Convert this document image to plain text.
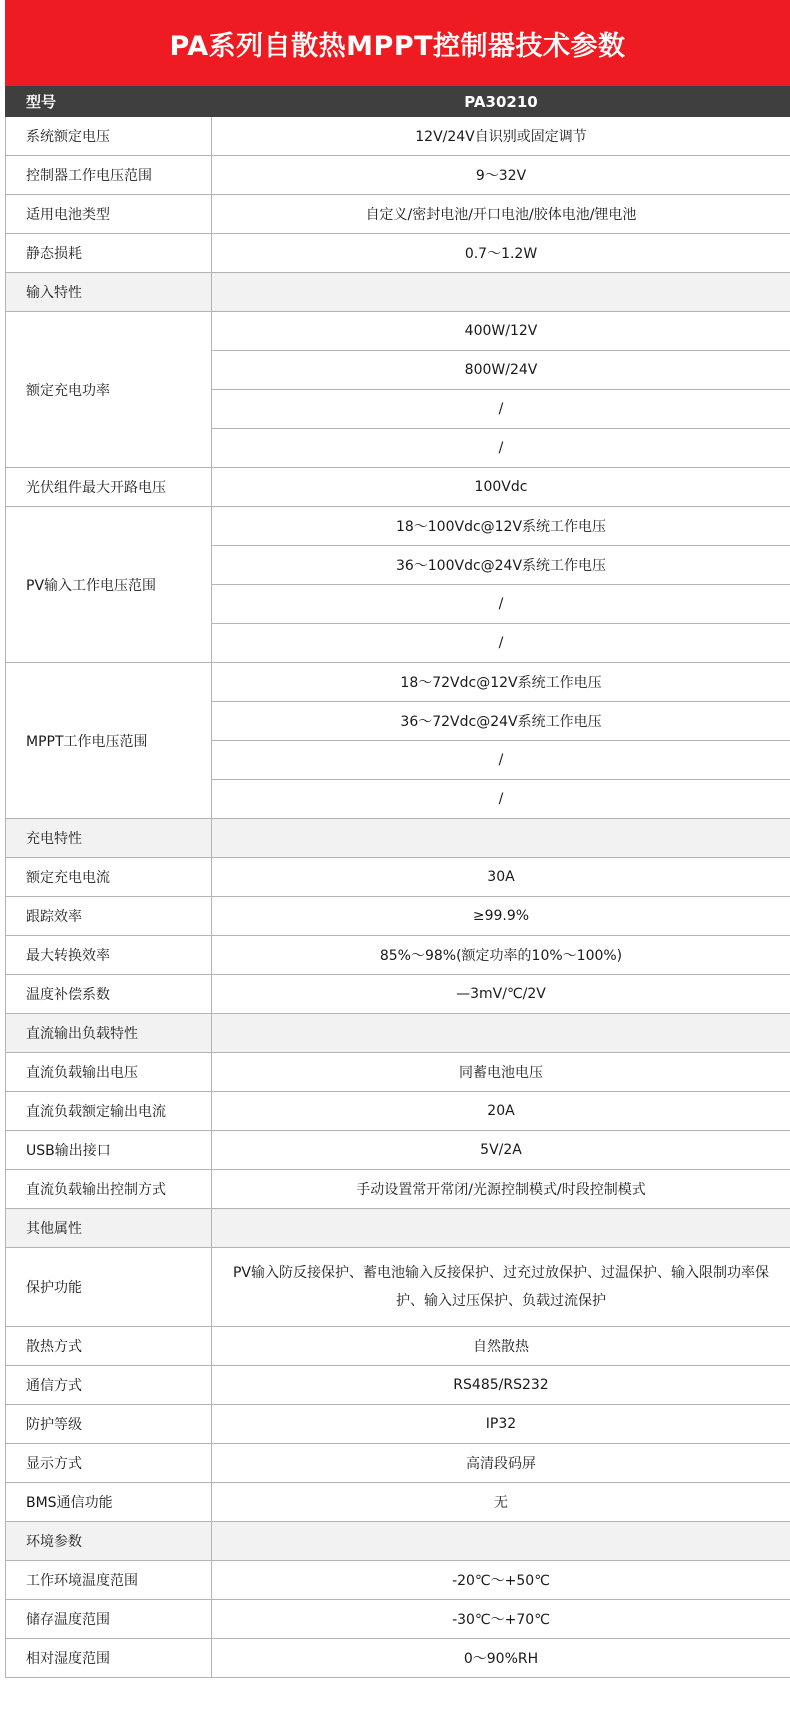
PA系列自散热MPPT控制器技术参数
型号	PA30210
系统额定电压	12V/24V自识别或固定调节
控制器工作电压范围	9～32V
适用电池类型	自定义/密封电池/开口电池/胶体电池/锂电池
静态损耗	0.7～1.2W
输入特性	
额定充电功率	400W/12V
	800W/24V
	/
	/
光伏组件最大开路电压	100Vdc
PV输入工作电压范围	18～100Vdc@12V系统工作电压
	36～100Vdc@24V系统工作电压
	/
	/
MPPT工作电压范围	18～72Vdc@12V系统工作电压
	36～72Vdc@24V系统工作电压
	/
	/
充电特性	
额定充电电流	30A
跟踪效率	≥99.9%
最大转换效率	85%～98%(额定功率的10%～100%)
温度补偿系数	—3mV/℃/2V
直流输出负载特性	
直流负载输出电压	同蓄电池电压
直流负载额定输出电流	20A
USB输出接口	5V/2A
直流负载输出控制方式	手动设置常开常闭/光源控制模式/时段控制模式
其他属性	
保护功能	PV输入防反接保护、蓄电池输入反接保护、过充过放保护、过温保护、输入限制功率保护、输入过压保护、负载过流保护
散热方式	自然散热
通信方式	RS485/RS232
防护等级	IP32
显示方式	高清段码屏
BMS通信功能	无
环境参数	
工作环境温度范围	-20℃～+50℃
储存温度范围	-30℃～+70℃
相对湿度范围	0～90%RH
